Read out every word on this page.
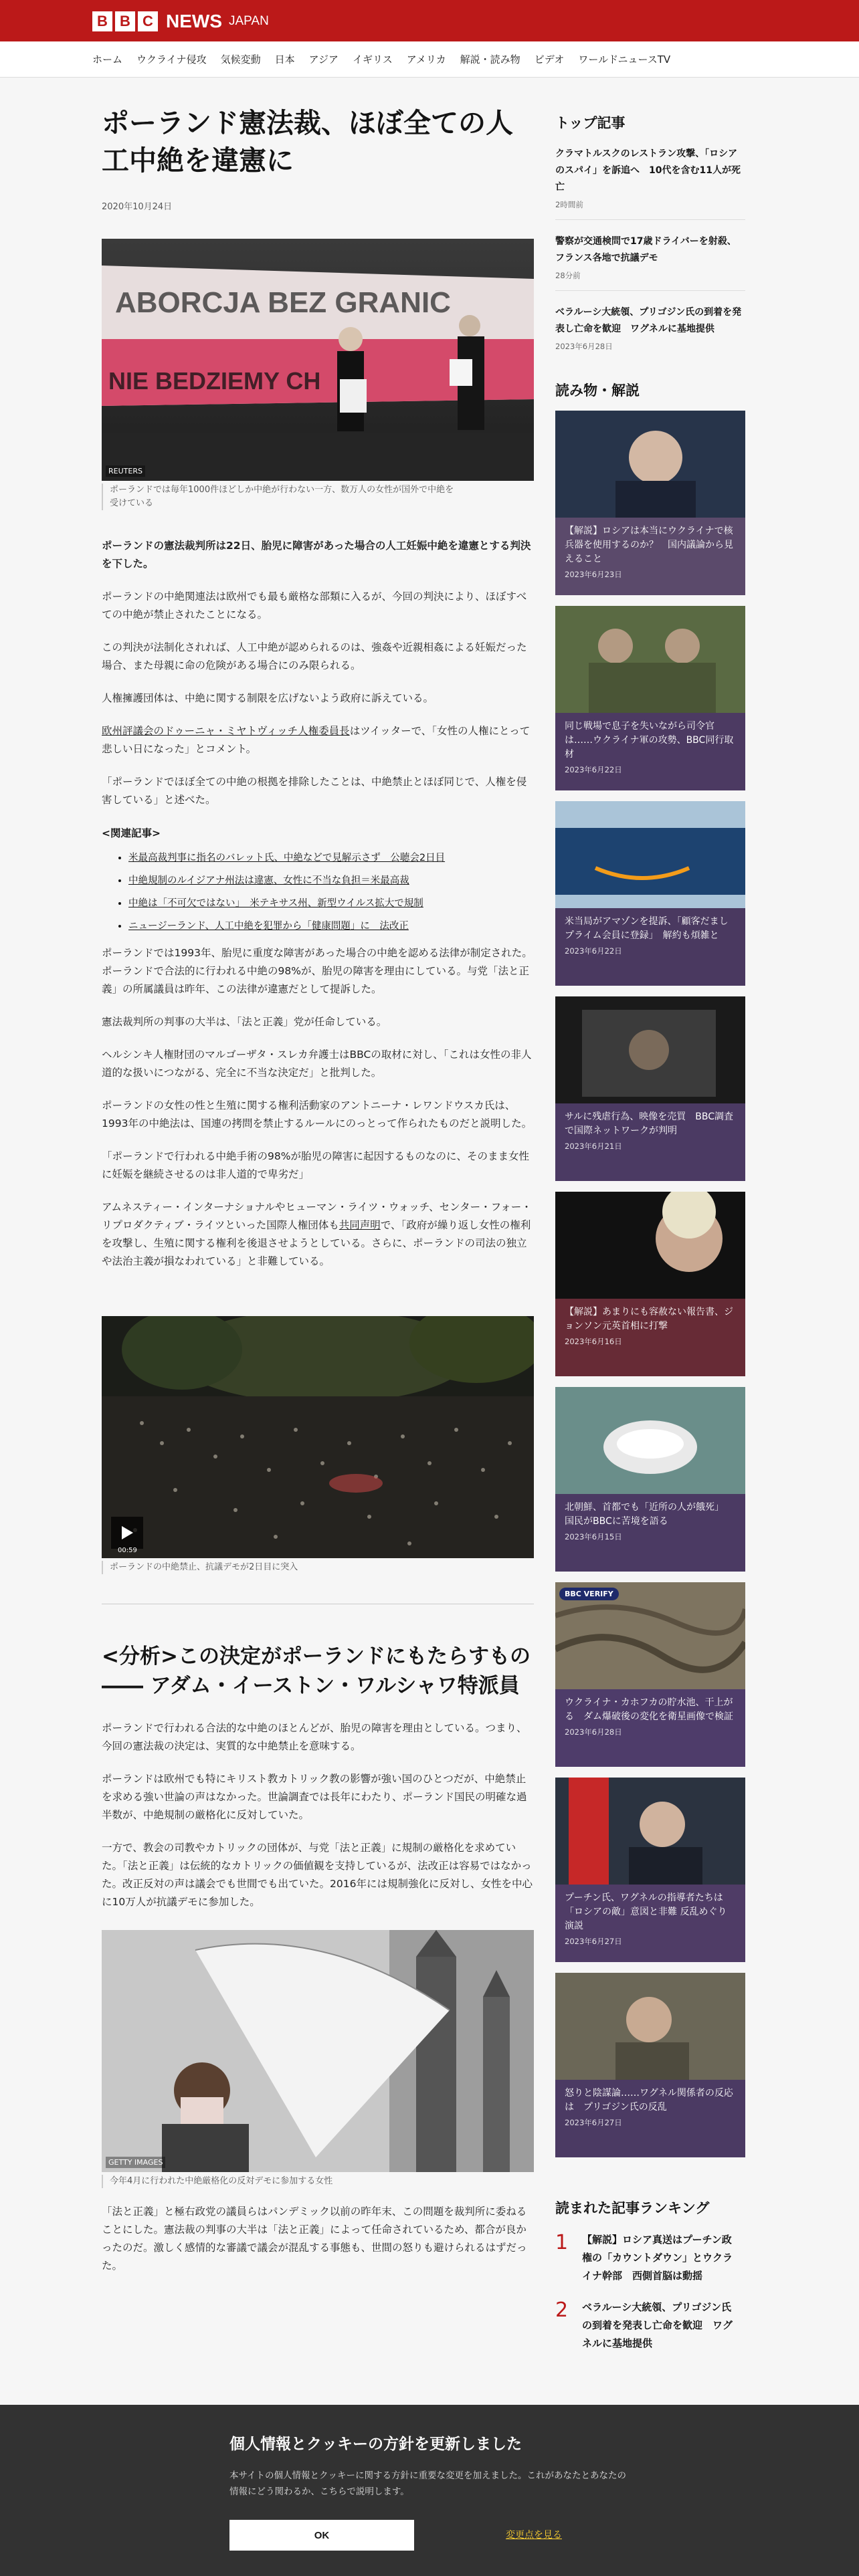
B B C NEWS JAPAN
ホーム ウクライナ侵攻 気候変動 日本 アジア イギリス アメリカ 解説・読み物 ビデオ ワールドニュースTV
ポーランド憲法裁、ほぼ全ての人工中絶を違憲に
2020年10月24日
ABORCJA BEZ GRANIC
NIE BEDZIEMY CH
REUTERS
ポーランドでは毎年1000件ほどしか中絶が行わない一方、数万人の女性が国外で中絶を受けている

ポーランドの憲法裁判所は22日、胎児に障害があった場合の人工妊娠中絶を違憲とする判決を下した。

ポーランドの中絶関連法は欧州でも最も厳格な部類に入るが、今回の判決により、ほぼすべての中絶が禁止されたことになる。

この判決が法制化されれば、人工中絶が認められるのは、強姦や近親相姦による妊娠だった場合、また母親に命の危険がある場合にのみ限られる。

人権擁護団体は、中絶に関する制限を広げないよう政府に訴えている。

欧州評議会のドゥーニャ・ミヤトヴィッチ人権委員長はツイッターで、「女性の人権にとって悲しい日になった」とコメント。

「ポーランドでほぼ全ての中絶の根拠を排除したことは、中絶禁止とほぼ同じで、人権を侵害している」と述べた。

<関連記事>
• 米最高裁判事に指名のバレット氏、中絶などで見解示さず　公聴会2日目
• 中絶規制のルイジアナ州法は違憲、女性に不当な負担＝米最高裁
• 中絶は「不可欠ではない」　米テキサス州、新型ウイルス拡大で規制
• ニュージーランド、人工中絶を犯罪から「健康問題」に　法改正

ポーランドでは1993年、胎児に重度な障害があった場合の中絶を認める法律が制定された。ポーランドで合法的に行われる中絶の98%が、胎児の障害を理由にしている。与党「法と正義」の所属議員は昨年、この法律が違憲だとして提訴した。

憲法裁判所の判事の大半は、「法と正義」党が任命している。

ヘルシンキ人権財団のマルゴーザタ・スレカ弁護士はBBCの取材に対し、「これは女性の非人道的な扱いにつながる、完全に不当な決定だ」と批判した。

ポーランドの女性の性と生殖に関する権利活動家のアントニーナ・レワンドウスカ氏は、1993年の中絶法は、国連の拷問を禁止するルールにのっとって作られたものだと説明した。

「ポーランドで行われる中絶手術の98%が胎児の障害に起因するものなのに、そのまま女性に妊娠を継続させるのは非人道的で卑劣だ」

アムネスティー・インターナショナルやヒューマン・ライツ・ウォッチ、センター・フォー・リプロダクティブ・ライツといった国際人権団体も共同声明で、「政府が繰り返し女性の権利を攻撃し、生殖に関する権利を後退させようとしている。さらに、ポーランドの司法の独立や法治主義が損なわれている」と非難している。

00:59
ポーランドの中絶禁止、抗議デモが2日目に突入
<分析>この決定がポーランドにもたらすもの―― アダム・イーストン・ワルシャワ特派員

ポーランドで行われる合法的な中絶のほとんどが、胎児の障害を理由としている。つまり、今回の憲法裁の決定は、実質的な中絶禁止を意味する。

ポーランドは欧州でも特にキリスト教カトリック教の影響が強い国のひとつだが、中絶禁止を求める強い世論の声はなかった。世論調査では長年にわたり、ポーランド国民の明確な過半数が、中絶規制の厳格化に反対していた。

一方で、教会の司教やカトリックの団体が、与党「法と正義」に規制の厳格化を求めていた。「法と正義」は伝統的なカトリックの価値観を支持しているが、法改正は容易ではなかった。改正反対の声は議会でも世間でも出ていた。2016年には規制強化に反対し、女性を中心に10万人が抗議デモに参加した。

GETTY IMAGES
今年4月に行われた中絶厳格化の反対デモに参加する女性

「法と正義」と極右政党の議員らはパンデミック以前の昨年末、この問題を裁判所に委ねることにした。憲法裁の判事の大半は「法と正義」によって任命されているため、都合が良かったのだ。激しく感情的な審議で議会が混乱する事態も、世間の怒りも避けられるはずだった。

トップ記事
クラマトルスクのレストラン攻撃、「ロシアのスパイ」を訴追へ　10代を含む11人が死亡
2時間前
警察が交通検問で17歳ドライバーを射殺、フランス各地で抗議デモ
28分前
ベラルーシ大統領、プリゴジン氏の到着を発表し亡命を歓迎　ワグネルに基地提供
2023年6月28日
読み物・解説
【解説】ロシアは本当にウクライナで核兵器を使用するのか？　国内議論から見えること
2023年6月23日
同じ戦場で息子を失いながら司令官は……ウクライナ軍の攻勢、BBC同行取材
2023年6月22日
米当局がアマゾンを提訴、「顧客だましプライム会員に登録」　解約も煩雑と
2023年6月22日
サルに残虐行為、映像を売買　BBC調査で国際ネットワークが判明
2023年6月21日
【解説】あまりにも容赦ない報告書、ジョンソン元英首相に打撃
2023年6月16日
北朝鮮、首都でも「近所の人が餓死」　国民がBBCに苦境を語る
2023年6月15日
BBC VERIFY
ウクライナ・カホフカの貯水池、干上がる　ダム爆破後の変化を衛星画像で検証
2023年6月28日
プーチン氏、ワグネルの指導者たちは「ロシアの敵」意図と非難 反乱めぐり演説
2023年6月27日
怒りと陰謀論……ワグネル関係者の反応は　プリゴジン氏の反乱
2023年6月27日
読まれた記事ランキング
1	【解説】ロシア真送はプーチン政権の「カウントダウン」とウクライナ幹部　西側首脳は動揺
2	ベラルーシ大統領、プリゴジン氏の到着を発表し亡命を歓迎　ワグネルに基地提供
個人情報とクッキーの方針を更新しました

本サイトの個人情報とクッキーに関する方針に重要な変更を加えました。これがあなたとあなたの情報にどう関わるか、こちらで説明します。

OK	変更点を見る
